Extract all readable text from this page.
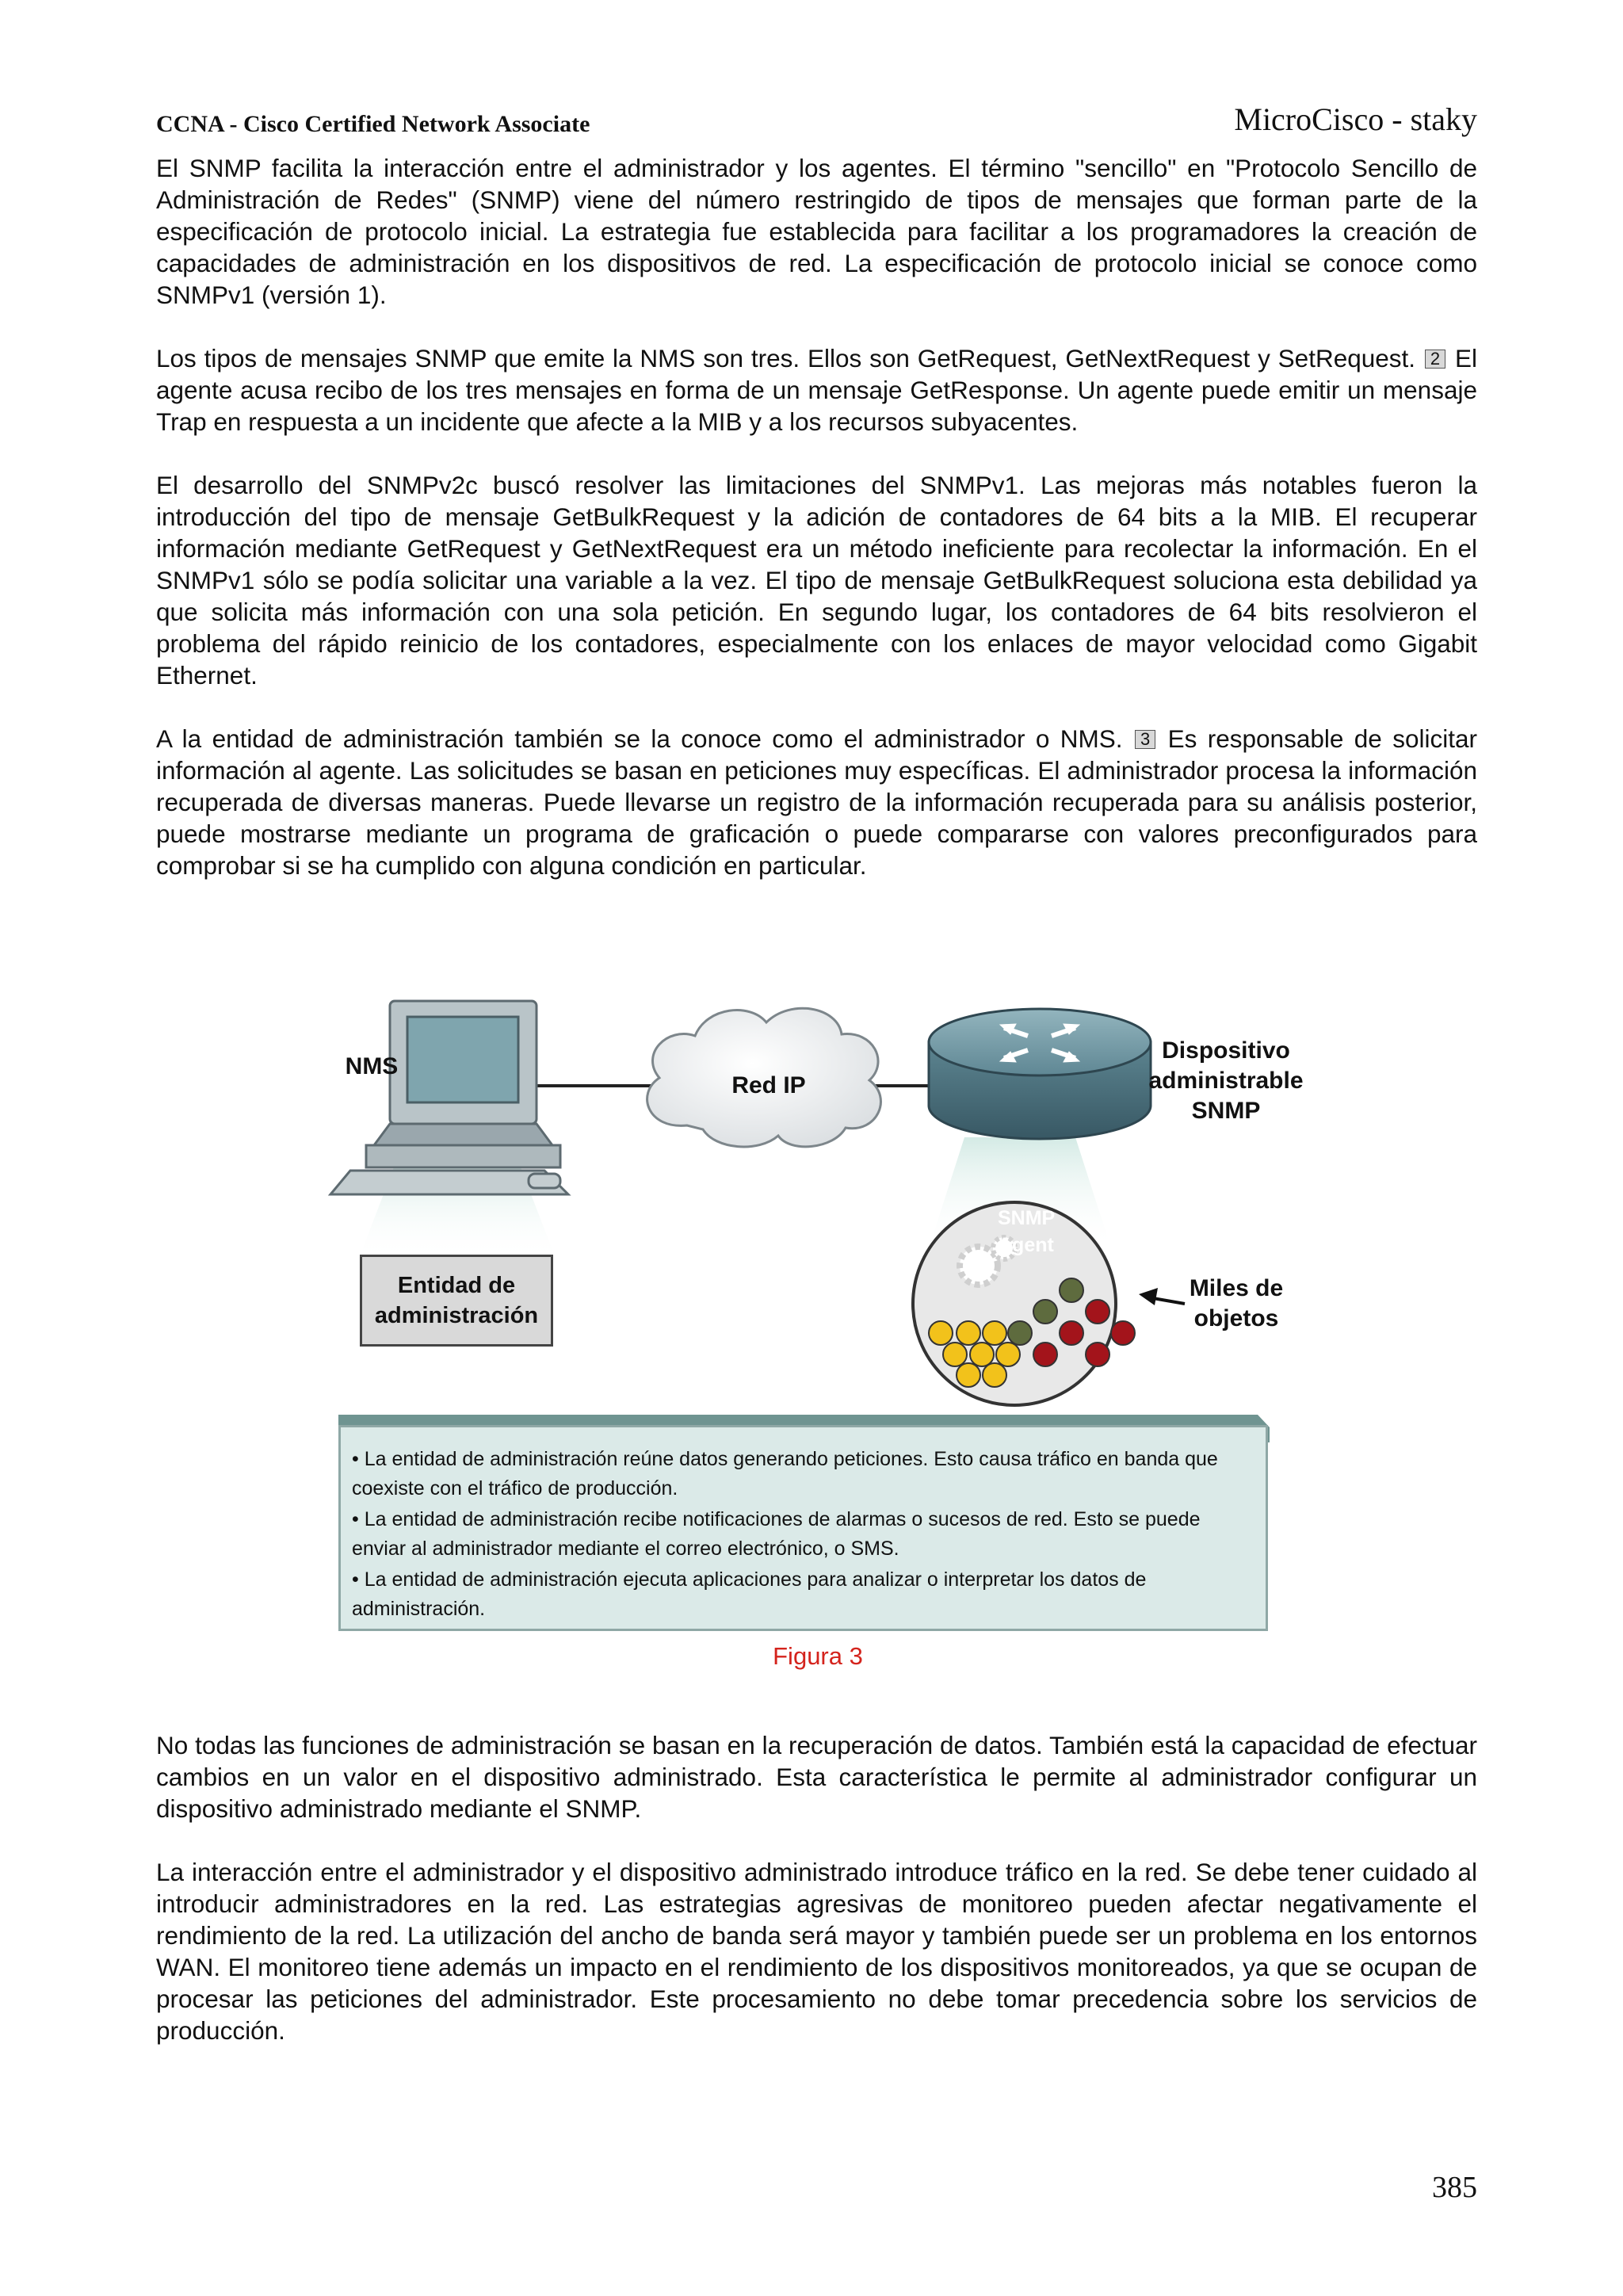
CCNA - Cisco Certified Network Associate	MicroCisco - staky

El SNMP facilita la interacción entre el administrador y los agentes. El término "sencillo" en "Protocolo Sencillo de Administración de Redes" (SNMP) viene del número restringido de tipos de mensajes que forman parte de la especificación de protocolo inicial. La estrategia fue establecida para facilitar a los programadores la creación de capacidades de administración en los dispositivos de red. La especificación de protocolo inicial se conoce como SNMPv1 (versión 1).

Los tipos de mensajes SNMP que emite la NMS son tres. Ellos son GetRequest, GetNextRequest y SetRequest. 2 El agente acusa recibo de los tres mensajes en forma de un mensaje GetResponse. Un agente puede emitir un mensaje Trap en respuesta a un incidente que afecte a la MIB y a los recursos subyacentes.

El desarrollo del SNMPv2c buscó resolver las limitaciones del SNMPv1. Las mejoras más notables fueron la introducción del tipo de mensaje GetBulkRequest y la adición de contadores de 64 bits a la MIB. El recuperar información mediante GetRequest y GetNextRequest era un método ineficiente para recolectar la información. En el SNMPv1 sólo se podía solicitar una variable a la vez. El tipo de mensaje GetBulkRequest soluciona esta debilidad ya que solicita más información con una sola petición. En segundo lugar, los contadores de 64 bits resolvieron el problema del rápido reinicio de los contadores, especialmente con los enlaces de mayor velocidad como Gigabit Ethernet.

A la entidad de administración también se la conoce como el administrador o NMS. 3 Es responsable de solicitar información al agente. Las solicitudes se basan en peticiones muy específicas. El administrador procesa la información recuperada de diversas maneras. Puede llevarse un registro de la información recuperada para su análisis posterior, puede mostrarse mediante un programa de graficación o puede compararse con valores preconfigurados para comprobar si se ha cumplido con alguna condición en particular.

NMS
Red IP
Dispositivo
administrable
SNMP
SNMP
Agent
Miles de
objetos
Entidad de
administración

• La entidad de administración reúne datos generando peticiones. Esto causa tráfico en banda que coexiste con el tráfico de producción.

• La entidad de administración recibe notificaciones de alarmas o sucesos de red. Esto se puede enviar al administrador mediante el correo electrónico, o SMS.

• La entidad de administración ejecuta aplicaciones para analizar o interpretar los datos de administración.

Figura 3

No todas las funciones de administración se basan en la recuperación de datos. También está la capacidad de efectuar cambios en un valor en el dispositivo administrado. Esta característica le permite al administrador configurar un dispositivo administrado mediante el SNMP.

La interacción entre el administrador y el dispositivo administrado introduce tráfico en la red. Se debe tener cuidado al introducir administradores en la red. Las estrategias agresivas de monitoreo pueden afectar negativamente el rendimiento de la red. La utilización del ancho de banda será mayor y también puede ser un problema en los entornos WAN. El monitoreo tiene además un impacto en el rendimiento de los dispositivos monitoreados, ya que se ocupan de procesar las peticiones del administrador. Este procesamiento no debe tomar precedencia sobre los servicios de producción.

385
